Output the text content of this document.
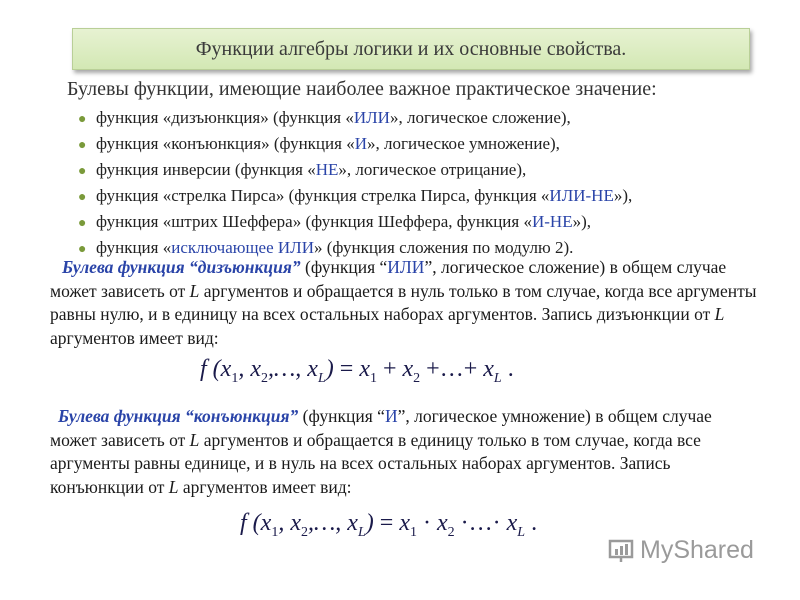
Функции алгебры логики и их основные свойства.
Булевы функции, имеющие наиболее важное практическое значение:
● функция «дизъюнкция» (функция «ИЛИ», логическое сложение),
● функция «конъюнкция» (функция «И», логическое умножение),
● функция инверсии (функция «НЕ», логическое отрицание),
● функция «стрелка Пирса» (функция стрелка Пирса, функция «ИЛИ-НЕ»),
● функция «штрих Шеффера» (функция Шеффера, функция «И-НЕ»),
● функция «исключающее ИЛИ» (функция сложения по модулю 2).
Булева функция “дизъюнкция” (функция “ИЛИ”, логическое сложение) в общем случае может зависеть от L аргументов и обращается в нуль только в том случае, когда все аргументы равны нулю, и в единицу на всех остальных наборах аргументов. Запись дизъюнкции от L аргументов имеет вид:
f ($x_1$, $x_2,\dots$, $x_L) = x_1 + x_2$ +…+ $x_L$ .
Булева функция “конъюнкция” (функция “И”, логическое умножение) в общем случае может зависеть от L аргументов и обращается в единицу только в том случае, когда все аргументы равны единице, и в нуль на всех остальных наборах аргументов. Запись конъюнкции от L аргументов имеет вид:
f ($x_1$, $x_2,\dots$, $x_L) = x_1 \cdot x_2$ ·…· $x_L$ .
MyShared
